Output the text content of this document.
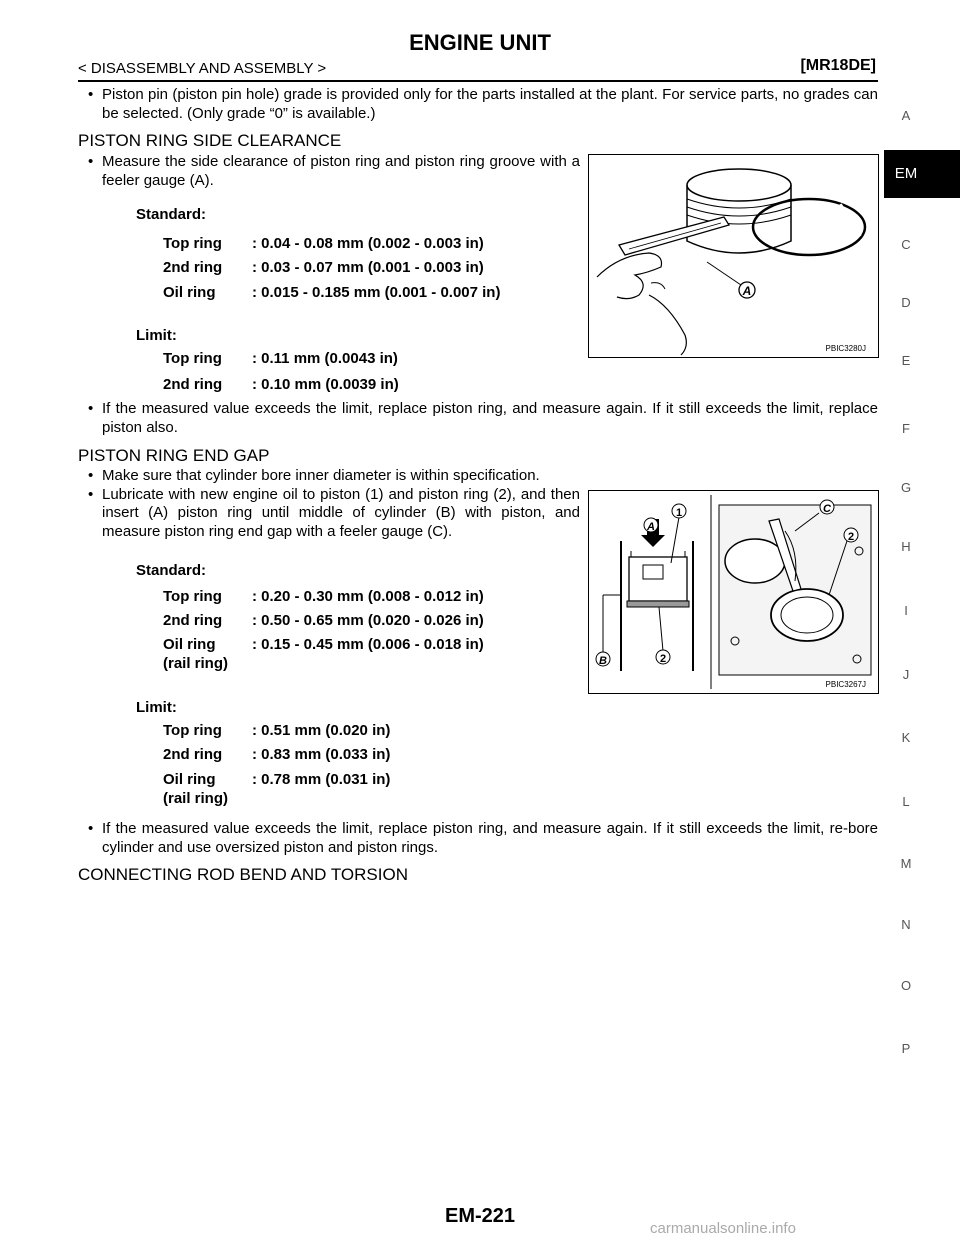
ENGINE UNIT
< DISASSEMBLY AND ASSEMBLY >	[MR18DE]
• Piston pin (piston pin hole) grade is provided only for the parts installed at the plant. For service parts, no grades can be selected. (Only grade “0” is available.)
PISTON RING SIDE CLEARANCE
• Measure the side clearance of piston ring and piston ring groove with a feeler gauge (A).
Standard:
Top ring : 0.04 - 0.08 mm (0.002 - 0.003 in)
2nd ring : 0.03 - 0.07 mm (0.001 - 0.003 in)
Oil ring : 0.015 - 0.185 mm (0.001 - 0.007 in)
Limit:
Top ring : 0.11 mm (0.0043 in)
2nd ring : 0.10 mm (0.0039 in)
A
PBIC3280J
• If the measured value exceeds the limit, replace piston ring, and measure again. If it still exceeds the limit, replace piston also.
PISTON RING END GAP
• Make sure that cylinder bore inner diameter is within specification.
• Lubricate with new engine oil to piston (1) and piston ring (2), and then insert (A) piston ring until middle of cylinder (B) with piston, and measure piston ring end gap with a feeler gauge (C).
Standard:
Top ring : 0.20 - 0.30 mm (0.008 - 0.012 in)
2nd ring : 0.50 - 0.65 mm (0.020 - 0.026 in)
Oil ring
(rail ring)
: 0.15 - 0.45 mm (0.006 - 0.018 in)
Limit:
Top ring : 0.51 mm (0.020 in)
2nd ring : 0.83 mm (0.033 in)
Oil ring
(rail ring)
: 0.78 mm (0.031 in)
A
1
B	2
C
2
PBIC3267J
• If the measured value exceeds the limit, replace piston ring, and measure again. If it still exceeds the limit, re-bore cylinder and use oversized piston and piston rings.
CONNECTING ROD BEND AND TORSION
A
EM
C
D
E
F
G
H
I
J
K
L
M
N
O
P
EM-221
carmanualsonline.info
